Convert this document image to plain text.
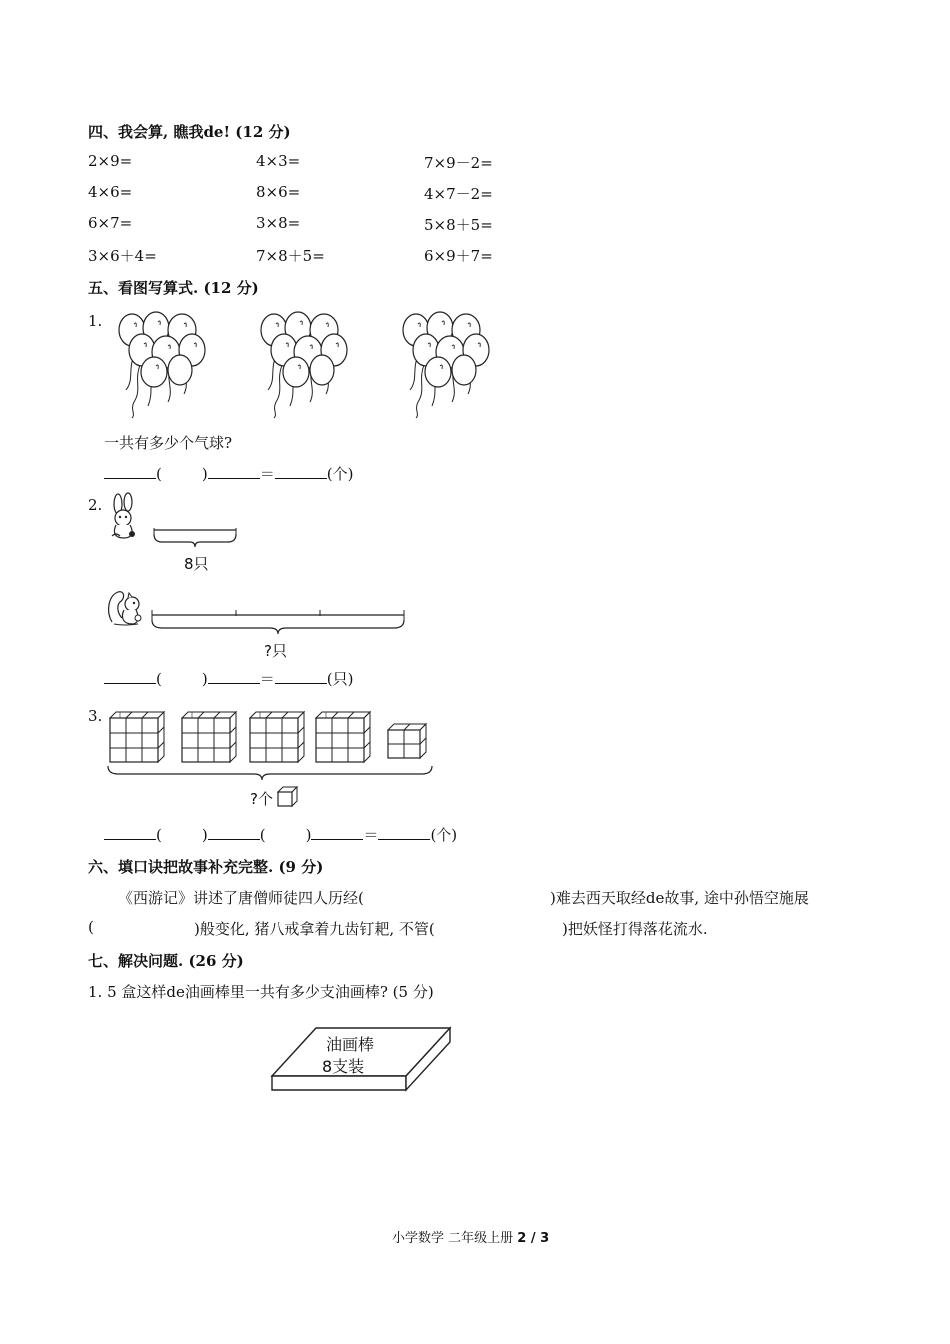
四、我会算, 瞧我de! (12 分)
2×9=	4×3=	7×9－2=
4×6=	8×6=	4×7－2=
6×7=	3×8=	5×8＋5=
3×6＋4=	7×8＋5=	6×9＋7=
五、看图写算式. (12 分)
1.
一共有多少个气球?
(	)	＝	(个)
2.
8只
?只
(	)	＝	(只)
3.
?个
(	)	(	)	＝	(个)
六、填口诀把故事补充完整. (9 分)
《西游记》讲述了唐僧师徒四人历经(	)难去西天取经de故事, 途中孙悟空施展
(	)般变化, 猪八戒拿着九齿钉耙, 不管(	)把妖怪打得落花流水.
七、解决问题. (26 分)
1. 5 盒这样de油画棒里一共有多少支油画棒? (5 分)
油画棒
8支装
小学数学 二年级上册 2 / 3
